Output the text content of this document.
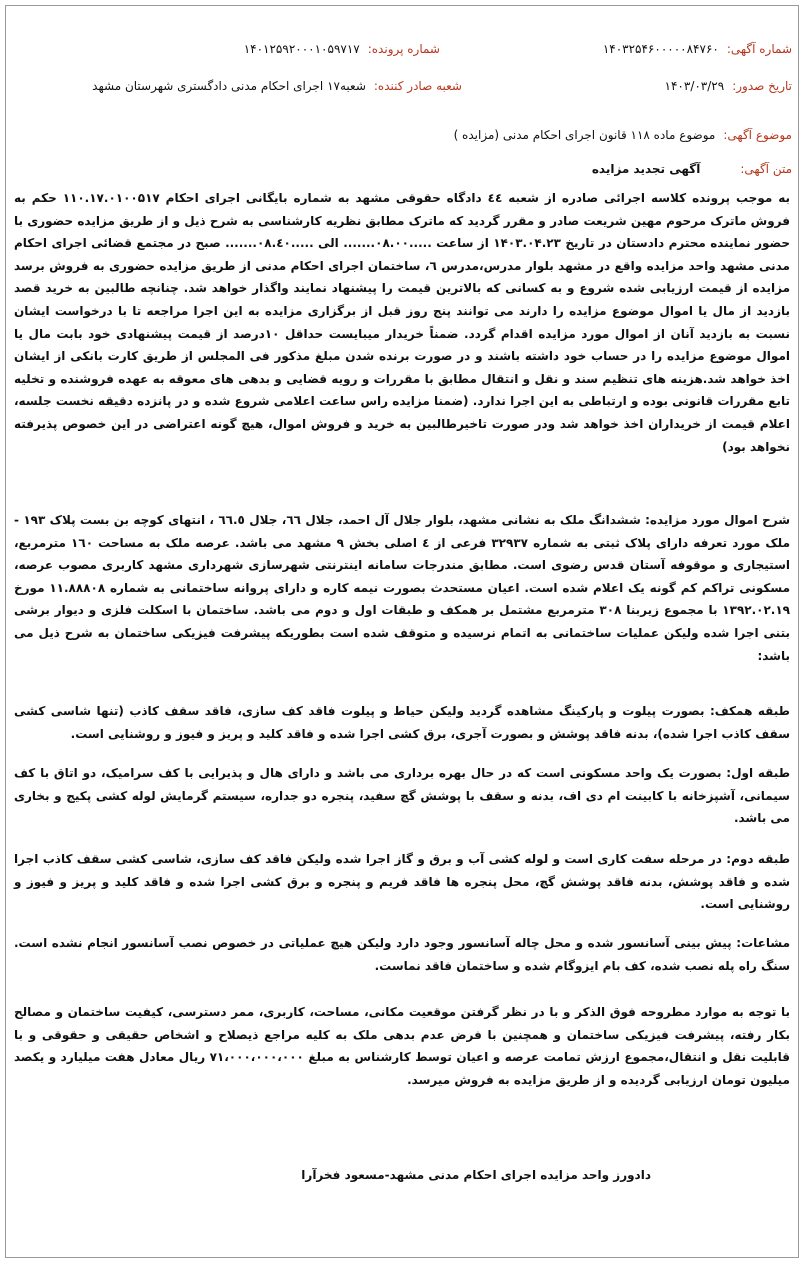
شماره آگهی:۱۴۰۳۲۵۴۶۰۰۰۰۰۸۴۷۶۰
شماره پرونده:۱۴۰۱۲۵۹۲۰۰۰۱۰۵۹۷۱۷
تاریخ صدور:۱۴۰۳/۰۳/۲۹
شعبه صادر کننده:شعبه۱۷ اجرای احکام مدنی دادگستری شهرستان مشهد
موضوع آگهی:موضوع ماده ۱۱۸ قانون اجرای احکام مدنی (مزایده )
متن آگهی:آگهی تجدید مزایده

به موجب پرونده کلاسه اجرائی صادره از شعبه ٤٤ دادگاه حقوقی مشهد به شماره بایگانی اجرای احکام ۱۱۰.۱۷.۰۱۰۰۵۱۷ حکم به فروش ماترک مرحوم مهین شریعت صادر و مقرر گردید که ماترک مطابق نظریه کارشناسی به شرح ذیل و از طریق مزایده حضوری با حضور نماینده محترم دادستان در تاریخ ۱۴۰۳.۰۴.۲۳ از ساعت .....۰۸.۰۰....... الی .....۰۸.٤۰....... صبح در مجتمع قضائی اجرای احکام مدنی مشهد واحد مزایده واقع در مشهد بلوار مدرس،مدرس ٦، ساختمان اجرای احکام مدنی از طریق مزایده حضوری به فروش برسد مزایده از قیمت ارزیابی شده شروع و به کسانی که بالاترین قیمت را پیشنهاد نمایند واگذار خواهد شد. چنانچه طالبین به خرید قصد بازدید از مال یا اموال موضوع مزایده را دارند می توانند پنج روز قبل از برگزاری مزایده به این اجرا مراجعه تا با درخواست ایشان نسبت به بازدید آنان از اموال مورد مزایده اقدام گردد. ضمناً خریدار میبایست حداقل ۱۰درصد از قیمت پیشنهادی خود بابت مال یا اموال موضوع مزایده را در حساب خود داشته باشند و در صورت برنده شدن مبلغ مذکور فی المجلس از طریق کارت بانکی از ایشان اخذ خواهد شد.هزینه های تنظیم سند و نقل و انتقال مطابق با مقررات و رویه قضایی و بدهی های معوقه به عهده فروشنده و تخلیه تابع مقررات قانونی بوده و ارتباطی به این اجرا ندارد. (ضمنا مزایده راس ساعت اعلامی شروع شده و در پانزده دقیقه نخست جلسه، اعلام قیمت از خریداران اخذ خواهد شد ودر صورت تاخیرطالبین به خرید و فروش اموال، هیچ گونه اعتراضی در این خصوص پذیرفته نخواهد بود)

شرح اموال مورد مزایده: ششدانگ ملک به نشانی مشهد، بلوار جلال آل احمد، جلال ٦٦، جلال ٦٦.٥ ، انتهای کوچه بن بست پلاک ۱۹۳ - ملک مورد تعرفه دارای پلاک ثبتی به شماره ۳۲۹۳۷ فرعی از ٤ اصلی بخش ۹ مشهد می باشد. عرصه ملک به مساحت ۱٦۰ مترمربع، استیجاری و موقوفه آستان قدس رضوی است. مطابق مندرجات سامانه اینترنتی شهرسازی شهرداری مشهد کاربری مصوب عرصه، مسکونی تراکم کم گونه یک اعلام شده است. اعیان مستحدث بصورت نیمه کاره و دارای پروانه ساختمانی به شماره ۱۱.۸۸۸۰۸ مورخ ۱۳۹۲.۰۲.۱۹ با مجموع زیربنا ۳۰۸ مترمربع مشتمل بر همکف و طبقات اول و دوم می باشد. ساختمان با اسکلت فلزی و دیوار برشی بتنی اجرا شده ولیکن عملیات ساختمانی به اتمام نرسیده و متوقف شده است بطوریکه پیشرفت فیزیکی ساختمان به شرح ذیل می باشد:

طبقه همکف: بصورت پیلوت و پارکینگ مشاهده گردید ولیکن حیاط و پیلوت فاقد کف سازی، فاقد سقف کاذب (تنها شاسی کشی سقف کاذب اجرا شده)، بدنه فاقد پوشش و بصورت آجری، برق کشی اجرا شده و فاقد کلید و پریز و فیوز و روشنایی است.

طبقه اول: بصورت یک واحد مسکونی است که در حال بهره برداری می باشد و دارای هال و پذیرایی با کف سرامیک، دو اتاق با کف سیمانی، آشپزخانه با کابینت ام دی اف، بدنه و سقف با پوشش گچ سفید، پنجره دو جداره، سیستم گرمایش لوله کشی پکیج و بخاری می باشد.

طبقه دوم: در مرحله سفت کاری است و لوله کشی آب و برق و گاز اجرا شده ولیکن فاقد کف سازی، شاسی کشی سقف کاذب اجرا شده و فاقد پوشش، بدنه فاقد پوشش گچ، محل پنجره ها فاقد فریم و پنجره و برق کشی اجرا شده و فاقد کلید و پریز و فیوز و روشنایی است.

مشاعات: پیش بینی آسانسور شده و محل چاله آسانسور وجود دارد ولیکن هیچ عملیاتی در خصوص نصب آسانسور انجام نشده است. سنگ راه پله نصب شده، کف بام ایزوگام شده و ساختمان فاقد نماست.

با توجه به موارد مطروحه فوق الذکر و با در نظر گرفتن موقعیت مکانی، مساحت، کاربری، ممر دسترسی، کیفیت ساختمان و مصالح بکار رفته، پیشرفت فیزیکی ساختمان و همچنین با فرض عدم بدهی ملک به کلیه مراجع ذیصلاح و اشخاص حقیقی و حقوقی و با قابلیت نقل و انتقال،مجموع ارزش تمامت عرصه و اعیان توسط کارشناس به مبلغ ۷۱،۰۰۰،۰۰۰،۰۰۰ ریال معادل هفت میلیارد و یکصد میلیون تومان ارزیابی گردیده و از طریق مزایده به فروش میرسد.

دادورز واحد مزایده اجرای احکام مدنی مشهد-مسعود فخرآرا
